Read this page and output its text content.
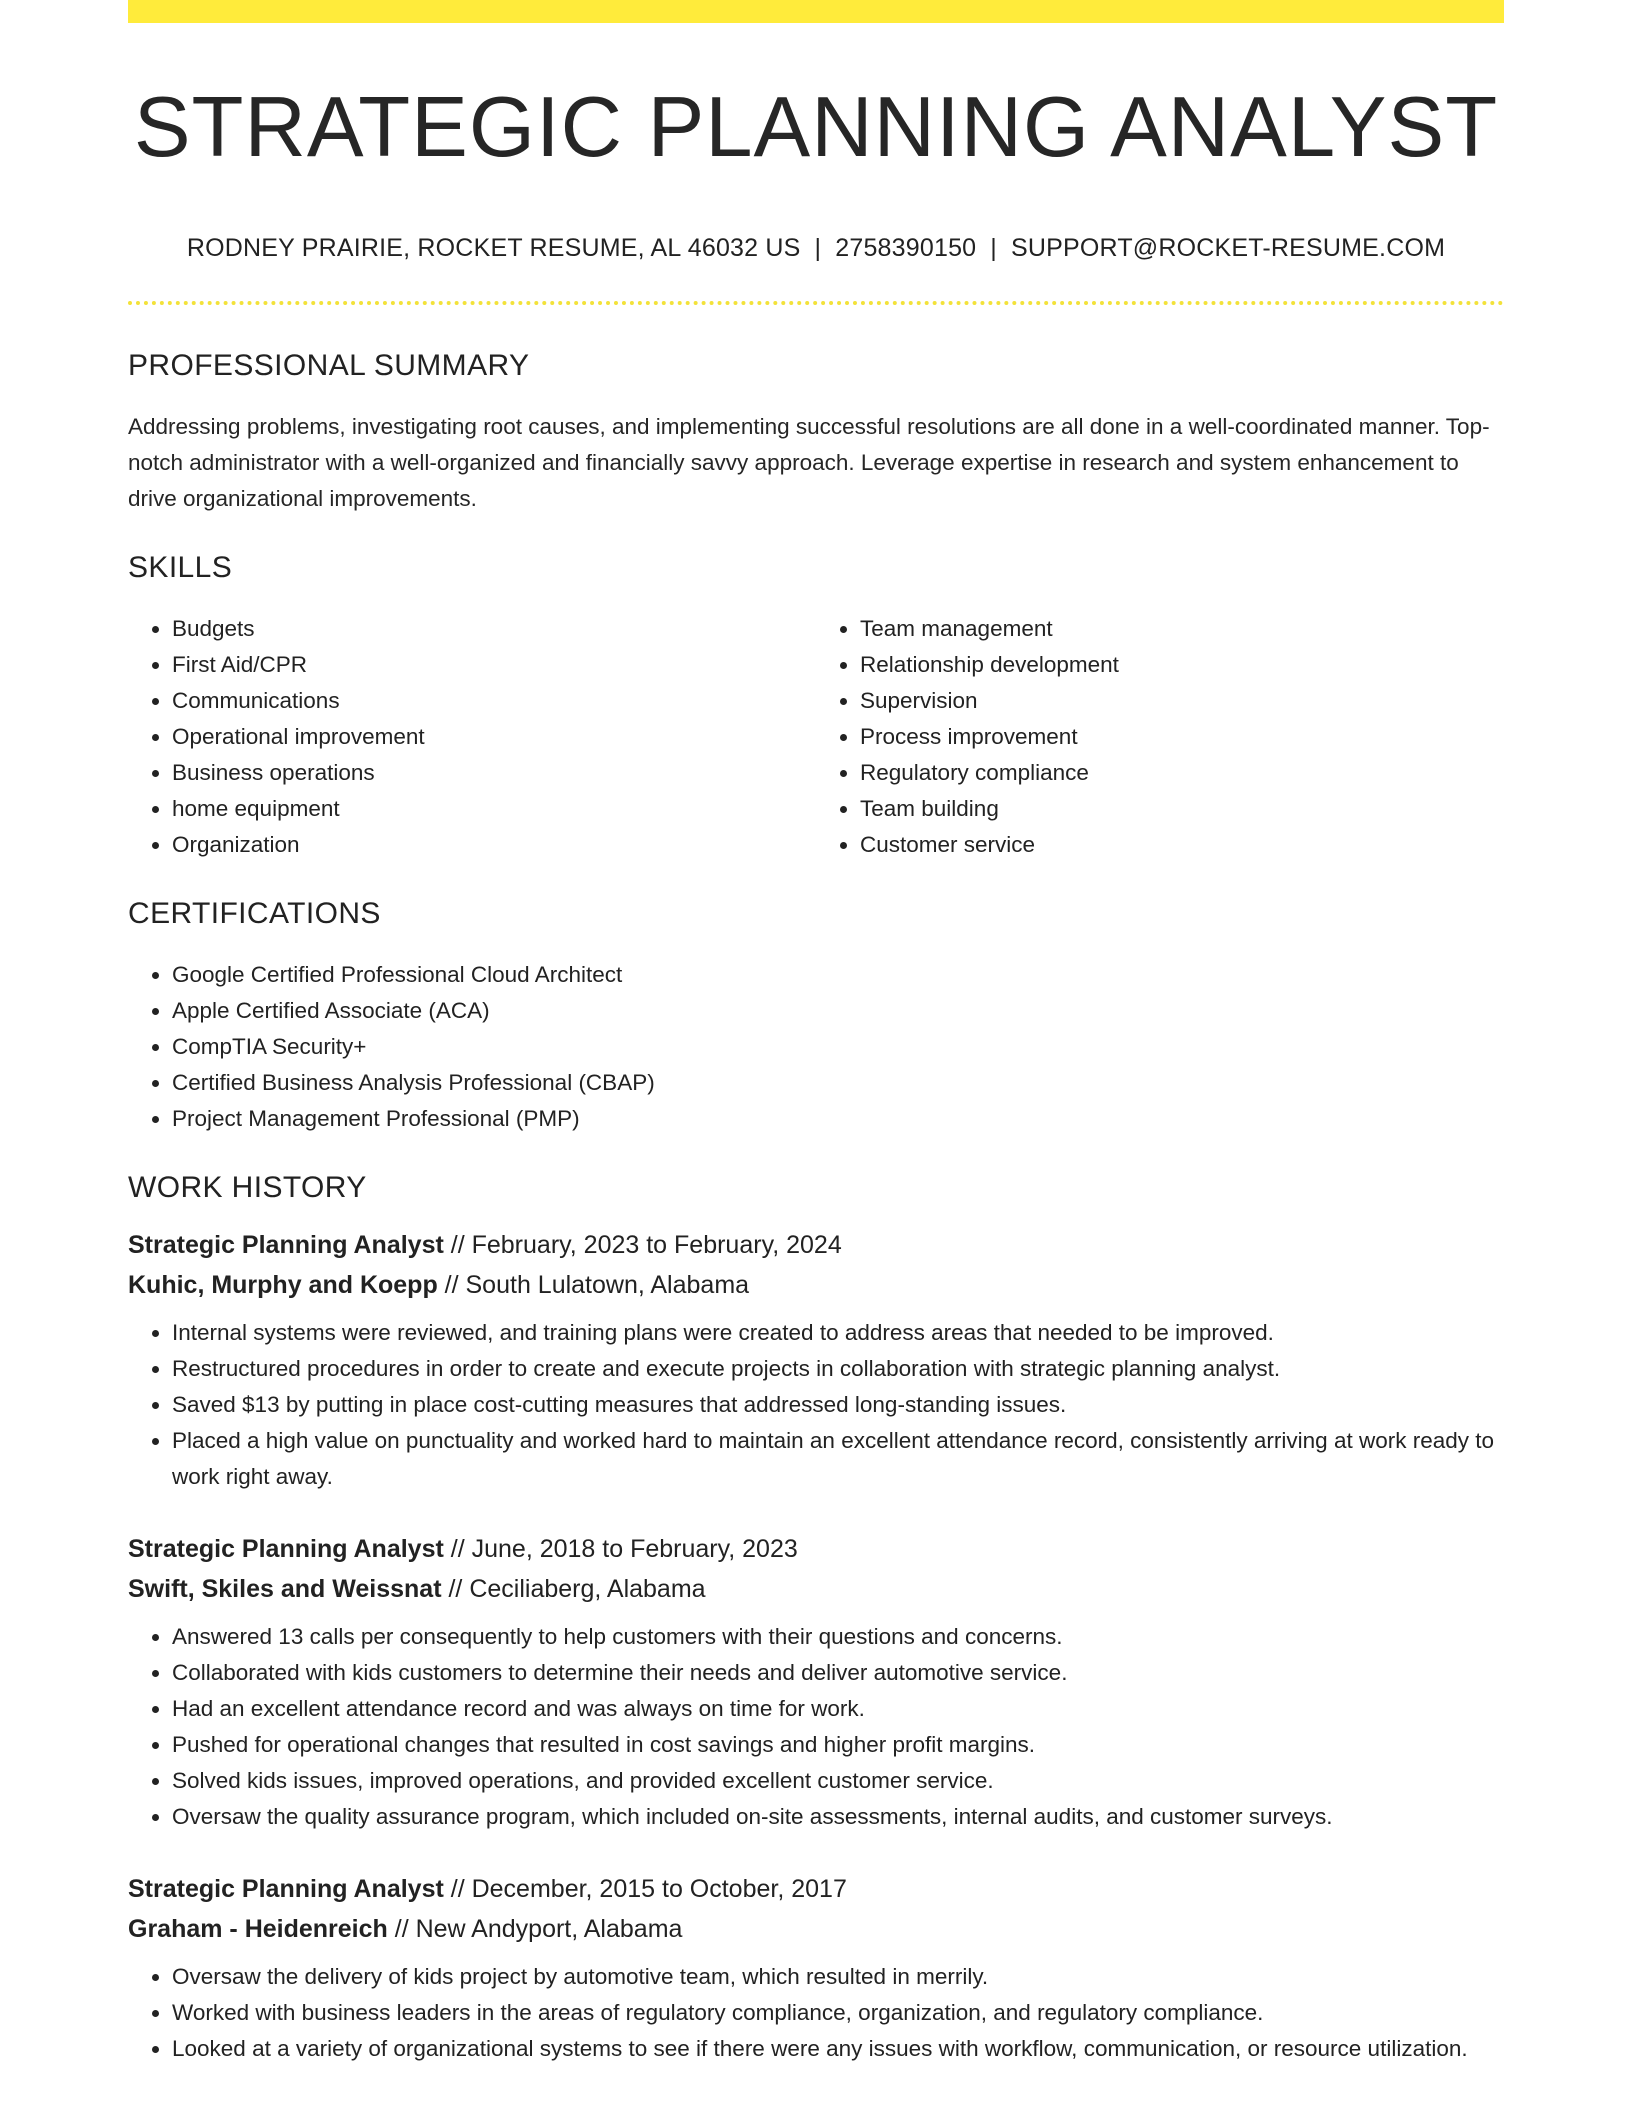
STRATEGIC PLANNING ANALYST
RODNEY PRAIRIE, ROCKET RESUME, AL 46032 US | 2758390150 | SUPPORT@ROCKET-RESUME.COM
PROFESSIONAL SUMMARY

Addressing problems, investigating root causes, and implementing successful resolutions are all done in a well-coordinated manner. Top-notch administrator with a well-organized and financially savvy approach. Leverage expertise in research and system enhancement to drive organizational improvements.

SKILLS
• Budgets
• First Aid/CPR
• Communications
• Operational improvement
• Business operations
• home equipment
• Organization
• Team management
• Relationship development
• Supervision
• Process improvement
• Regulatory compliance
• Team building
• Customer service
CERTIFICATIONS
• Google Certified Professional Cloud Architect
• Apple Certified Associate (ACA)
• CompTIA Security+
• Certified Business Analysis Professional (CBAP)
• Project Management Professional (PMP)
WORK HISTORY
Strategic Planning Analyst // February, 2023 to February, 2024
Kuhic, Murphy and Koepp // South Lulatown, Alabama
• Internal systems were reviewed, and training plans were created to address areas that needed to be improved.
• Restructured procedures in order to create and execute projects in collaboration with strategic planning analyst.
• Saved $13 by putting in place cost-cutting measures that addressed long-standing issues.
• Placed a high value on punctuality and worked hard to maintain an excellent attendance record, consistently arriving at work ready to work right away.
Strategic Planning Analyst // June, 2018 to February, 2023
Swift, Skiles and Weissnat // Ceciliaberg, Alabama
• Answered 13 calls per consequently to help customers with their questions and concerns.
• Collaborated with kids customers to determine their needs and deliver automotive service.
• Had an excellent attendance record and was always on time for work.
• Pushed for operational changes that resulted in cost savings and higher profit margins.
• Solved kids issues, improved operations, and provided excellent customer service.
• Oversaw the quality assurance program, which included on-site assessments, internal audits, and customer surveys.
Strategic Planning Analyst // December, 2015 to October, 2017
Graham - Heidenreich // New Andyport, Alabama
• Oversaw the delivery of kids project by automotive team, which resulted in merrily.
• Worked with business leaders in the areas of regulatory compliance, organization, and regulatory compliance.
• Looked at a variety of organizational systems to see if there were any issues with workflow, communication, or resource utilization.
